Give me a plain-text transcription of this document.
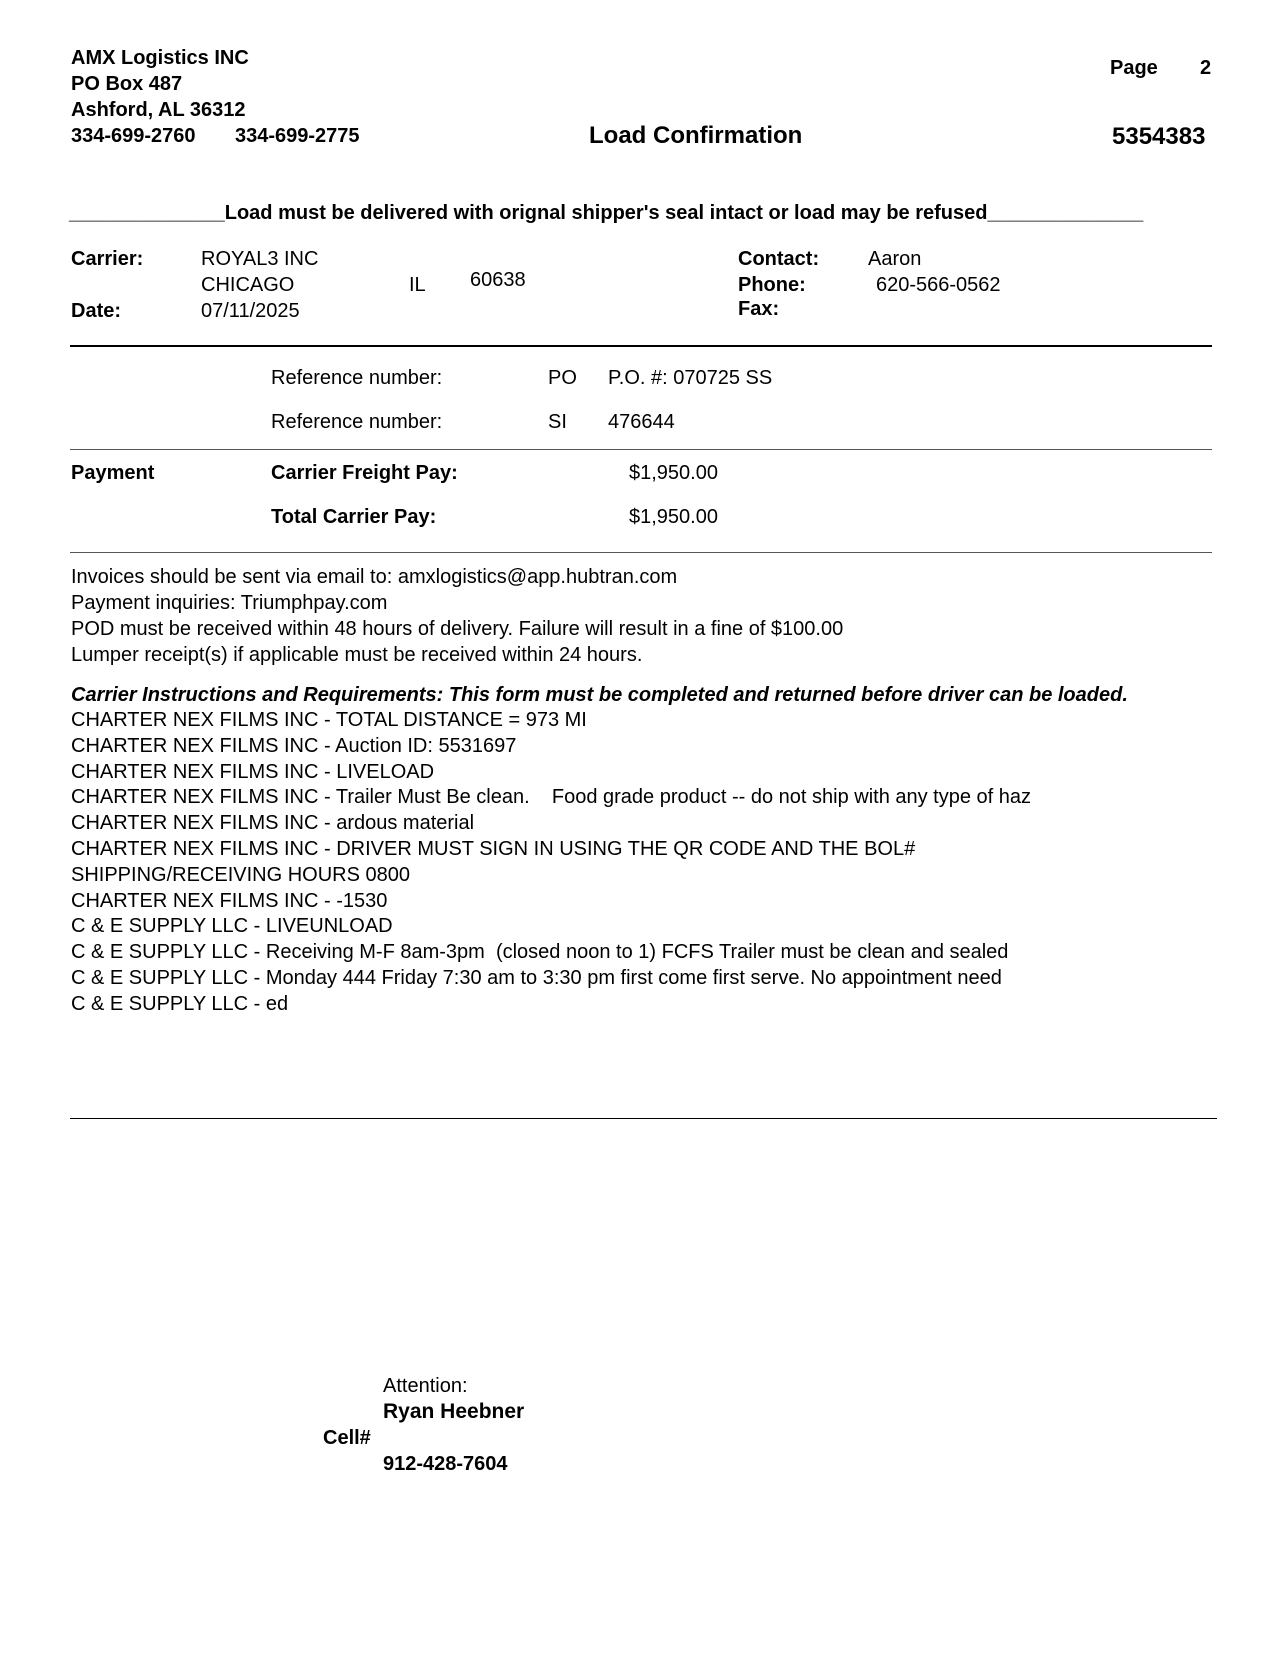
AMX Logistics INC
PO Box 487
Ashford, AL 36312
334-699-2760 334-699-2775
Page 2
Load Confirmation	5354383
______________ Load must be delivered with orignal shipper's seal intact or load may be refused ______________
Carrier:	ROYAL3 INC
CHICAGO	IL 60638
Date:	07/11/2025
Contact: Aaron
Phone:	620-566-0562
Fax:
Reference number:	PO P.O. #: 070725 SS
Reference number:	SI 476644
Payment	Carrier Freight Pay:	$1,950.00
Total Carrier Pay:	$1,950.00
Invoices should be sent via email to: amxlogistics@app.hubtran.com
Payment inquiries: Triumphpay.com
POD must be received within 48 hours of delivery. Failure will result in a fine of $100.00
Lumper receipt(s) if applicable must be received within 24 hours.
Carrier Instructions and Requirements: This form must be completed and returned before driver can be loaded.
CHARTER NEX FILMS INC - TOTAL DISTANCE = 973 MI
CHARTER NEX FILMS INC - Auction ID: 5531697
CHARTER NEX FILMS INC - LIVELOAD
CHARTER NEX FILMS INC - Trailer Must Be clean.    Food grade product -- do not ship with any type of haz
CHARTER NEX FILMS INC - ardous material
CHARTER NEX FILMS INC - DRIVER MUST SIGN IN USING THE QR CODE AND THE BOL#
SHIPPING/RECEIVING HOURS 0800
CHARTER NEX FILMS INC - -1530
C & E SUPPLY LLC - LIVEUNLOAD
C & E SUPPLY LLC - Receiving M-F 8am-3pm  (closed noon to 1) FCFS Trailer must be clean and sealed
C & E SUPPLY LLC - Monday 444 Friday 7:30 am to 3:30 pm first come first serve. No appointment need
C & E SUPPLY LLC - ed
Attention:
Ryan Heebner
Cell#
912-428-7604
